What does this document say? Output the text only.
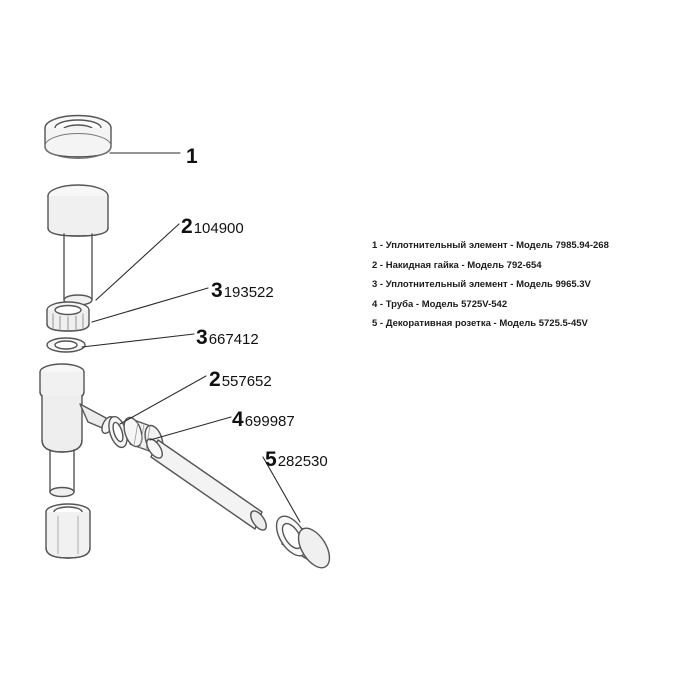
1
2104900
3193522
3667412
2557652
4699987
5282530
1 - Уплотнительный элемент - Модель 7985.94-268
2 - Накидная гайка - Модель 792-654
3 - Уплотнительный элемент - Модель 9965.3V
4 - Труба - Модель 5725V-542
5 - Декоративная розетка - Модель 5725.5-45V
